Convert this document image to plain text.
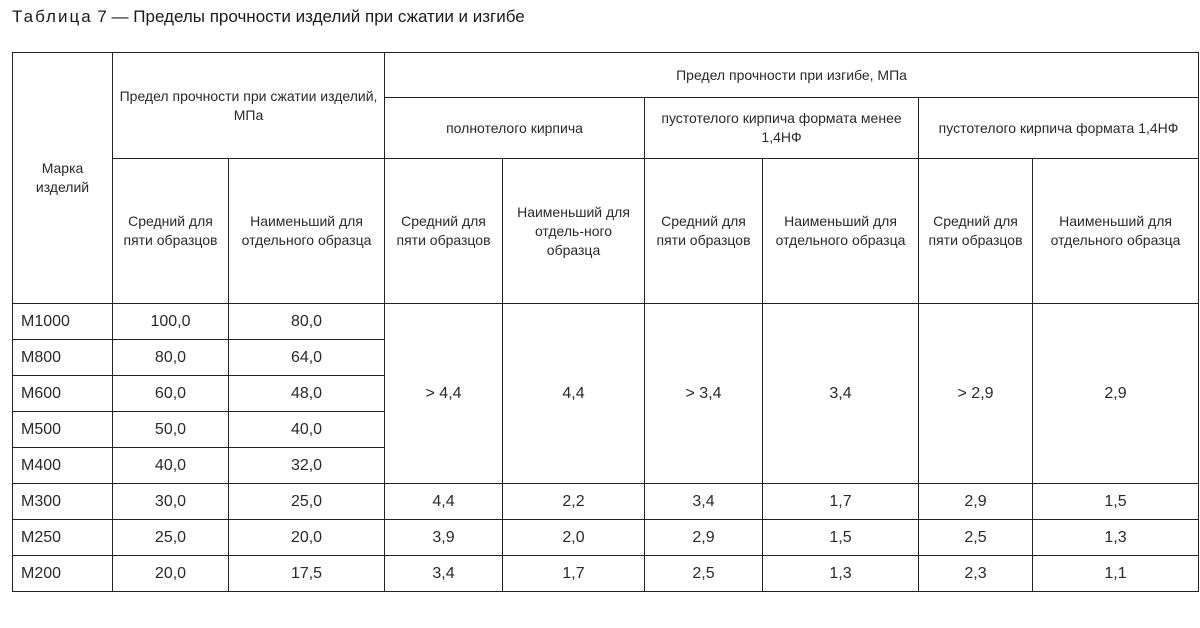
Таблица 7 — Пределы прочности изделий при сжатии и изгибе
Марка изделий	Предел прочности при сжатии изделий, МПа		Предел прочности при изгибе, МПа					
			полнотелого кирпича		пустотелого кирпича формата менее 1,4НФ		пустотелого кирпича формата 1,4НФ	
	Средний для пяти образцов	Наименьший для отдельного образца	Средний для пяти образцов	Наименьший для отдель-ного образца	Средний для пяти образцов	Наименьший для отдельного образца	Средний для пяти образцов	Наименьший для отдельного образца
М1000	100,0	80,0	> 4,4	4,4	> 3,4	3,4	> 2,9	2,9
М800	80,0	64,0						
М600	60,0	48,0						
М500	50,0	40,0						
М400	40,0	32,0						
М300	30,0	25,0	4,4	2,2	3,4	1,7	2,9	1,5
М250	25,0	20,0	3,9	2,0	2,9	1,5	2,5	1,3
М200	20,0	17,5	3,4	1,7	2,5	1,3	2,3	1,1
